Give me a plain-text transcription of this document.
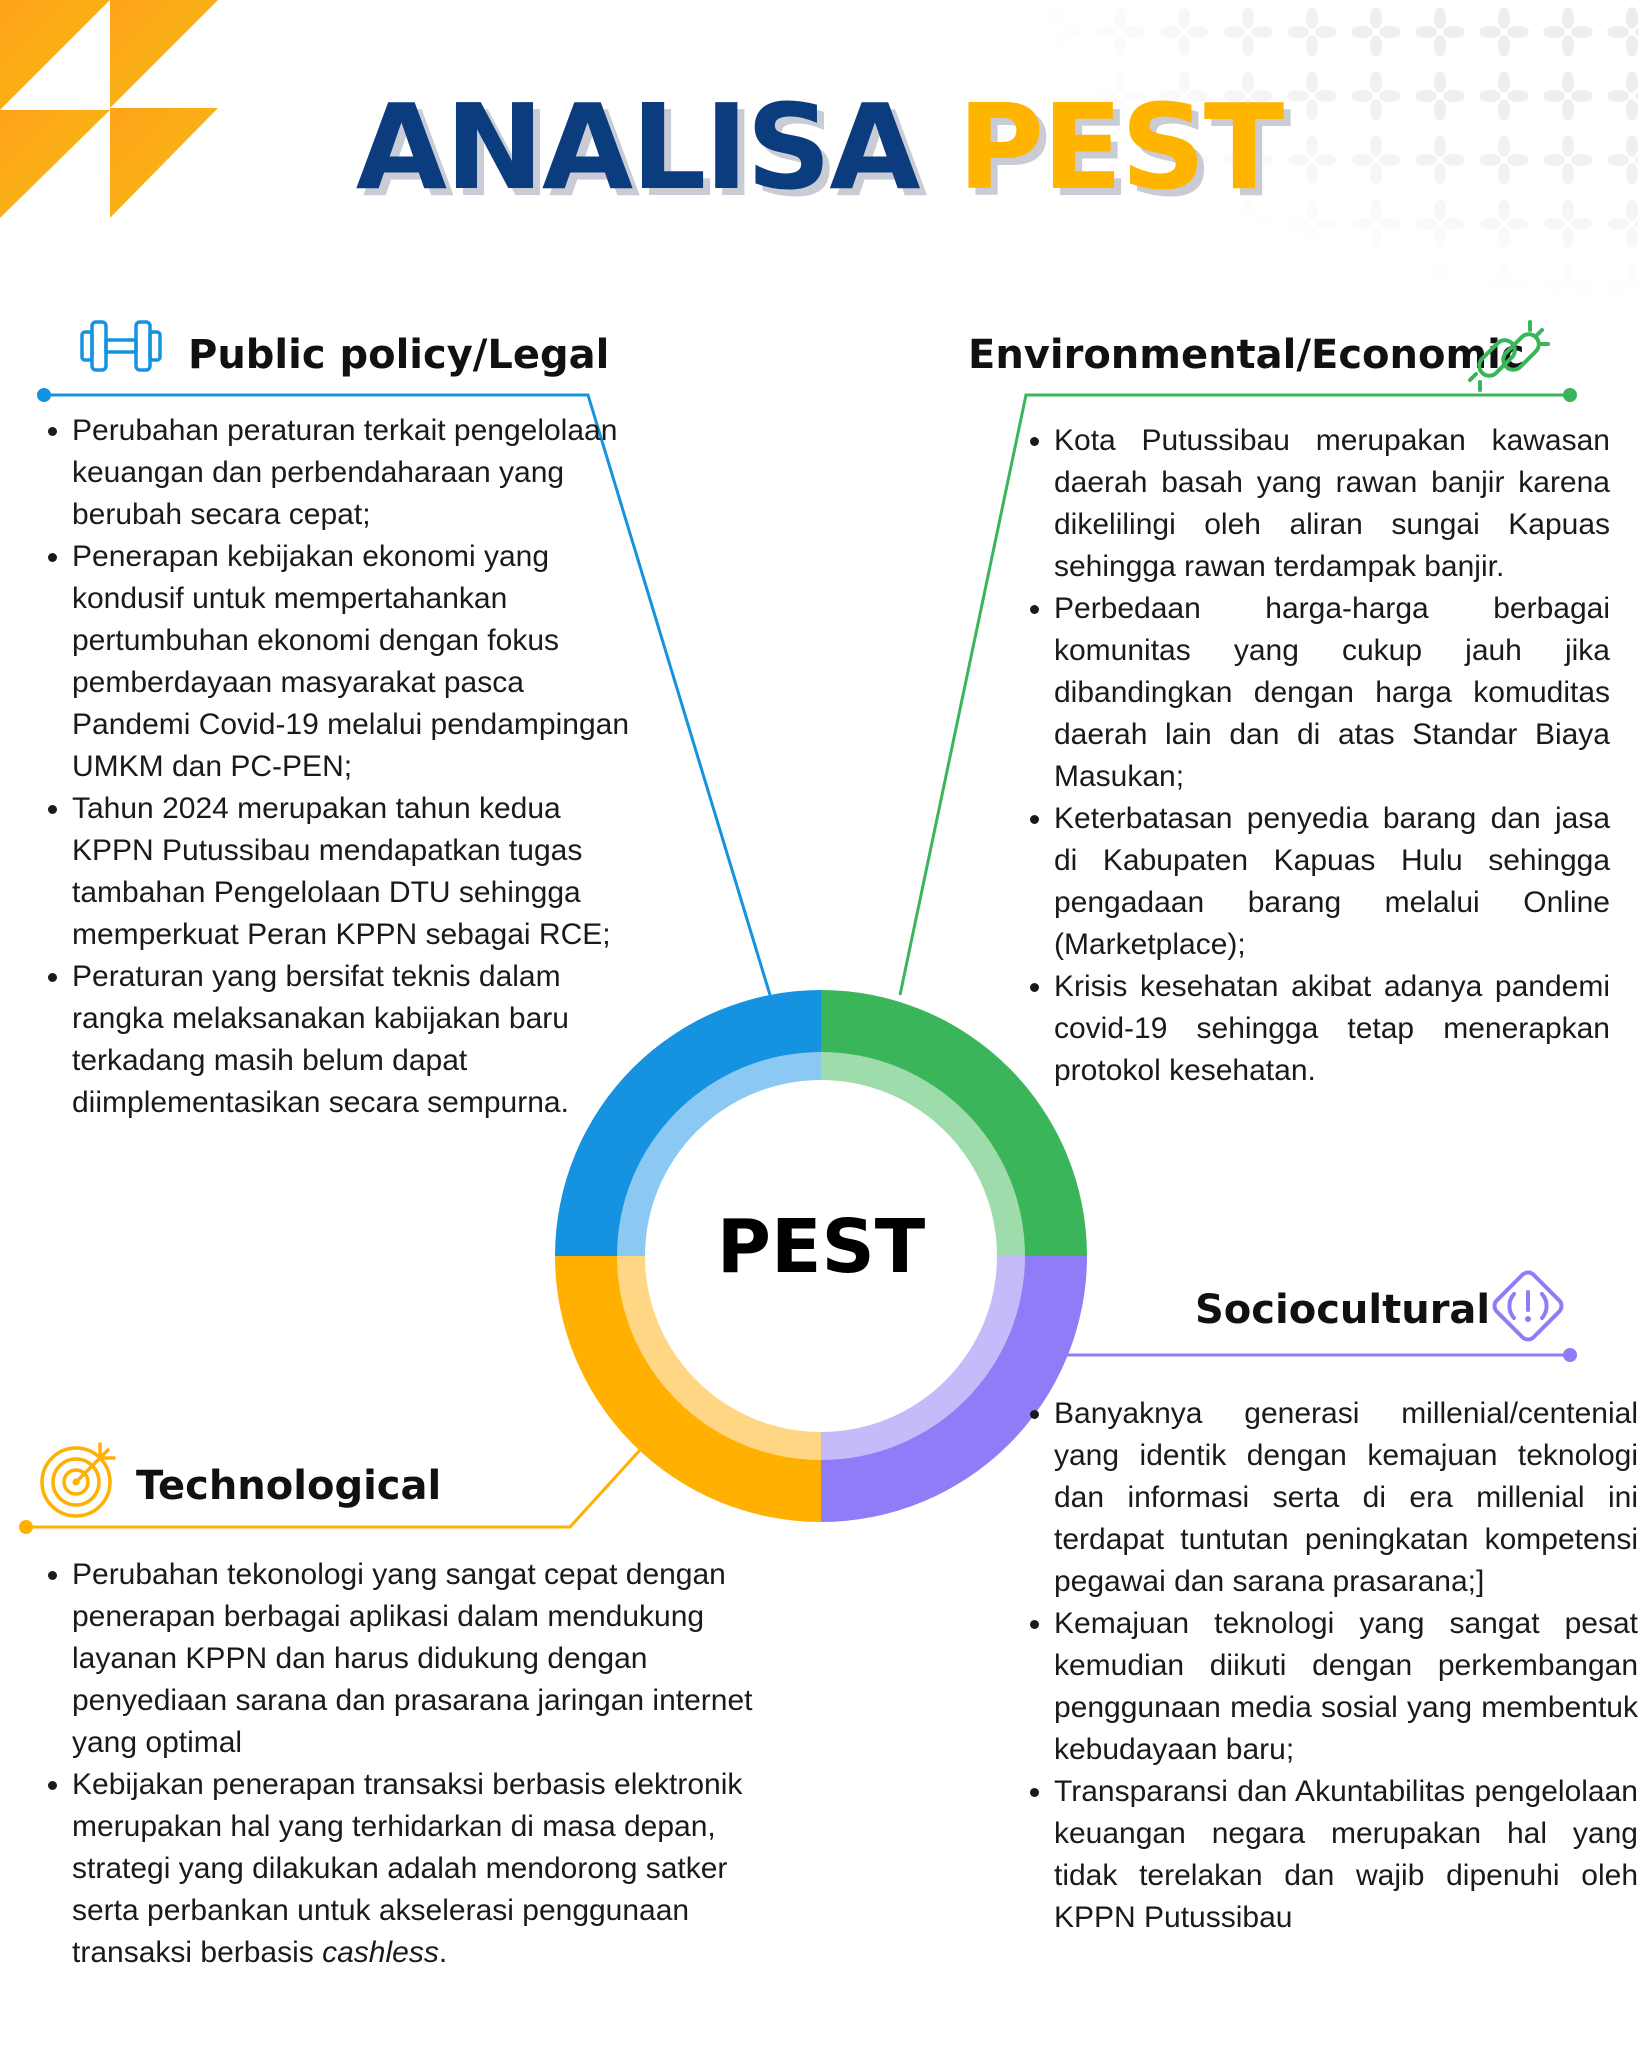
ANALISA PEST
PEST
Public policy/Legal
• Perubahan peraturan terkait pengelolaan keuangan dan perbendaharaan yang berubah secara cepat;
• Penerapan kebijakan ekonomi yang kondusif untuk mempertahankan pertumbuhan ekonomi dengan fokus pemberdayaan masyarakat pasca Pandemi Covid-19 melalui pendampingan UMKM dan PC-PEN;
• Tahun 2024 merupakan tahun kedua KPPN Putussibau mendapatkan tugas tambahan Pengelolaan DTU sehingga memperkuat Peran KPPN sebagai RCE;
• Peraturan yang bersifat teknis dalam rangka melaksanakan kabijakan baru terkadang masih belum dapat diimplementasikan secara sempurna.
Environmental/Economic
• Kota Putussibau merupakan kawasan daerah basah yang rawan banjir karena dikelilingi oleh aliran sungai Kapuas sehingga rawan terdampak banjir.
• Perbedaan harga-harga berbagai komunitas yang cukup jauh jika dibandingkan dengan harga komuditas daerah lain dan di atas Standar Biaya Masukan;
• Keterbatasan penyedia barang dan jasa di Kabupaten Kapuas Hulu sehingga pengadaan barang melalui Online (Marketplace);
• Krisis kesehatan akibat adanya pandemi covid-19 sehingga tetap menerapkan protokol kesehatan.
Sociocultural
• Banyaknya generasi millenial/centenial yang identik dengan kemajuan teknologi dan informasi serta di era millenial ini terdapat tuntutan peningkatan kompetensi pegawai dan sarana prasarana;]
• Kemajuan teknologi yang sangat pesat kemudian diikuti dengan perkembangan penggunaan media sosial yang membentuk kebudayaan baru;
• Transparansi dan Akuntabilitas pengelolaan keuangan negara merupakan hal yang tidak terelakan dan wajib dipenuhi oleh KPPN Putussibau
Technological
• Perubahan tekonologi yang sangat cepat dengan penerapan berbagai aplikasi dalam mendukung layanan KPPN dan harus didukung dengan penyediaan sarana dan prasarana jaringan internet yang optimal
• Kebijakan penerapan transaksi berbasis elektronik merupakan hal yang terhidarkan di masa depan, strategi yang dilakukan adalah mendorong satker serta perbankan untuk akselerasi penggunaan transaksi berbasis cashless.
